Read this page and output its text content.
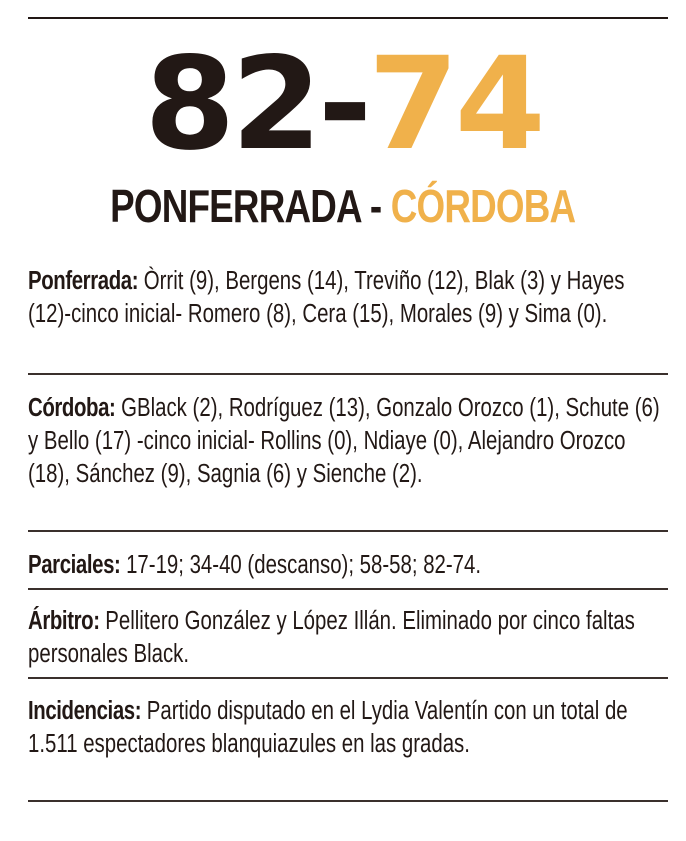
82-74
PONFERRADA - CÓRDOBA
Ponferrada: Òrrit (9), Bergens (14), Treviño (12), Blak (3) y Hayes (12)-cinco inicial- Romero (8), Cera (15), Morales (9) y Sima (0).
Córdoba: GBlack (2), Rodríguez (13), Gonzalo Orozco (1), Schute (6) y Bello (17) -cinco inicial- Rollins (0), Ndiaye (0), Alejandro Orozco (18), Sánchez (9), Sagnia (6) y Sienche (2).
Parciales: 17-19; 34-40 (descanso); 58-58; 82-74.
Árbitro: Pellitero González y López Illán. Eliminado por cinco faltas personales Black.
Incidencias: Partido disputado en el Lydia Valentín con un total de 1.511 espectadores blanquiazules en las gradas.
